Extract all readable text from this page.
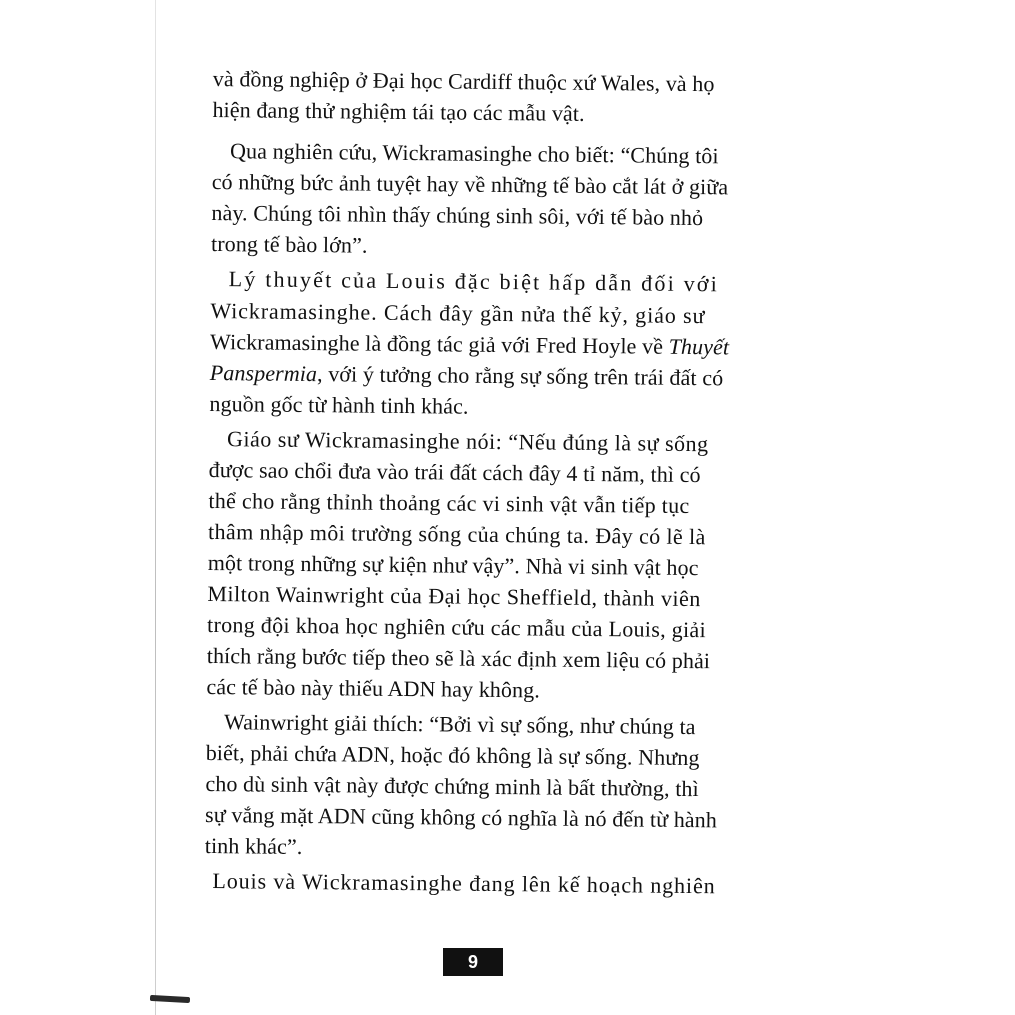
và đồng nghiệp ở Đại học Cardiff thuộc xứ Wales, và họ
hiện đang thử nghiệm tái tạo các mẫu vật.
Qua nghiên cứu, Wickramasinghe cho biết: “Chúng tôi
có những bức ảnh tuyệt hay về những tế bào cắt lát ở giữa
này. Chúng tôi nhìn thấy chúng sinh sôi, với tế bào nhỏ
trong tế bào lớn”.
Lý thuyết của Louis đặc biệt hấp dẫn đối với
Wickramasinghe. Cách đây gần nửa thế kỷ, giáo sư
Wickramasinghe là đồng tác giả với Fred Hoyle về Thuyết
Panspermia, với ý tưởng cho rằng sự sống trên trái đất có
nguồn gốc từ hành tinh khác.
Giáo sư Wickramasinghe nói: “Nếu đúng là sự sống
được sao chổi đưa vào trái đất cách đây 4 tỉ năm, thì có
thể cho rằng thỉnh thoảng các vi sinh vật vẫn tiếp tục
thâm nhập môi trường sống của chúng ta. Đây có lẽ là
một trong những sự kiện như vậy”. Nhà vi sinh vật học
Milton Wainwright của Đại học Sheffield, thành viên
trong đội khoa học nghiên cứu các mẫu của Louis, giải
thích rằng bước tiếp theo sẽ là xác định xem liệu có phải
các tế bào này thiếu ADN hay không.
Wainwright giải thích: “Bởi vì sự sống, như chúng ta
biết, phải chứa ADN, hoặc đó không là sự sống. Nhưng
cho dù sinh vật này được chứng minh là bất thường, thì
sự vắng mặt ADN cũng không có nghĩa là nó đến từ hành
tinh khác”.
Louis và Wickramasinghe đang lên kế hoạch nghiên
9
